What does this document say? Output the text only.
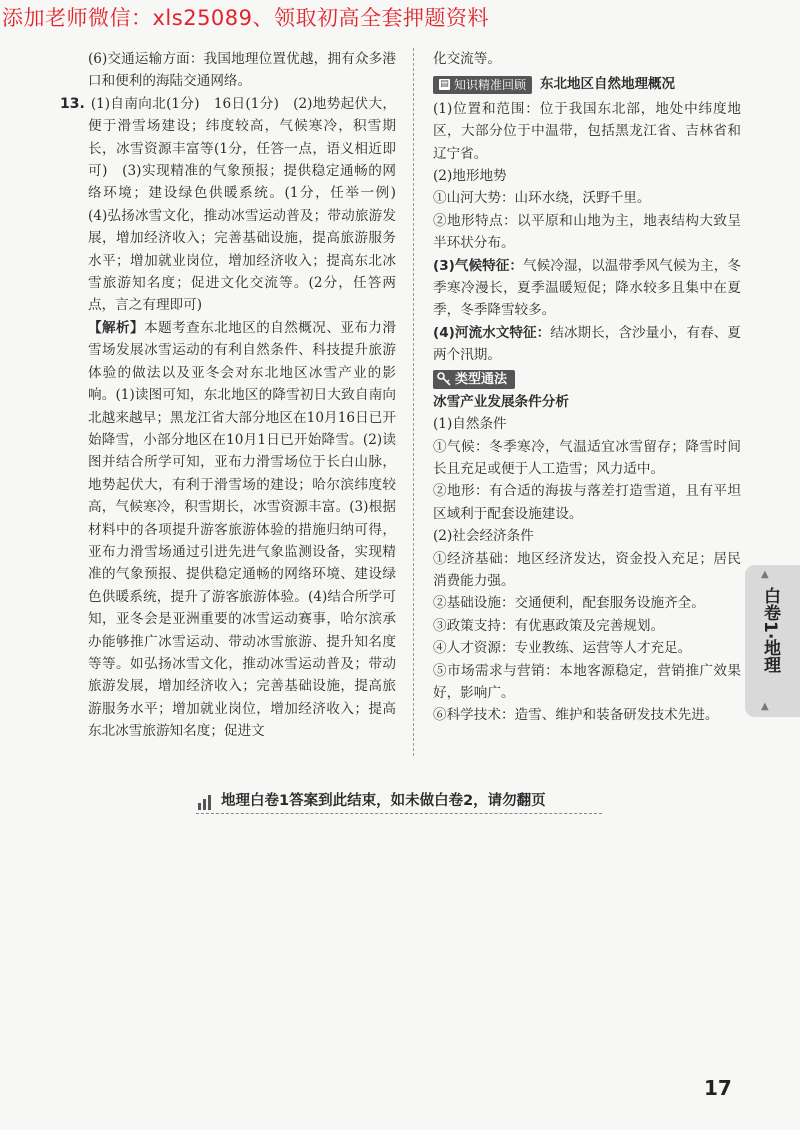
添加老师微信：xls25089、领取初高全套押题资料

(6)交通运输方面：我国地理位置优越，拥有众多港口和便利的海陆交通网络。

13. (1)自南向北(1分)　16日(1分)　(2)地势起伏大，便于滑雪场建设；纬度较高，气候寒冷，积雪期长，冰雪资源丰富等(1分，任答一点，语义相近即可)　(3)实现精准的气象预报；提供稳定通畅的网络环境；建设绿色供暖系统。(1分，任举一例)　(4)弘扬冰雪文化，推动冰雪运动普及；带动旅游发展，增加经济收入；完善基础设施，提高旅游服务水平；增加就业岗位，增加经济收入；提高东北冰雪旅游知名度；促进文化交流等。(2分，任答两点，言之有理即可)

【解析】本题考查东北地区的自然概况、亚布力滑雪场发展冰雪运动的有利自然条件、科技提升旅游体验的做法以及亚冬会对东北地区冰雪产业的影响。(1)读图可知，东北地区的降雪初日大致自南向北越来越早；黑龙江省大部分地区在10月16日已开始降雪，小部分地区在10月1日已开始降雪。(2)读图并结合所学可知，亚布力滑雪场位于长白山脉，地势起伏大，有利于滑雪场的建设；哈尔滨纬度较高，气候寒冷，积雪期长，冰雪资源丰富。(3)根据材料中的各项提升游客旅游体验的措施归纳可得，亚布力滑雪场通过引进先进气象监测设备，实现精准的气象预报、提供稳定通畅的网络环境、建设绿色供暖系统，提升了游客旅游体验。(4)结合所学可知，亚冬会是亚洲重要的冰雪运动赛事，哈尔滨承办能够推广冰雪运动、带动冰雪旅游、提升知名度等等。如弘扬冰雪文化，推动冰雪运动普及；带动旅游发展，增加经济收入；完善基础设施，提高旅游服务水平；增加就业岗位，增加经济收入；提高东北冰雪旅游知名度；促进文

化交流等。

▤ 知识精准回顾 东北地区自然地理概况

(1)位置和范围：位于我国东北部，地处中纬度地区，大部分位于中温带，包括黑龙江省、吉林省和辽宁省。

(2)地形地势

①山河大势：山环水绕，沃野千里。

②地形特点：以平原和山地为主，地表结构大致呈半环状分布。

(3)气候特征：气候冷湿，以温带季风气候为主，冬季寒冷漫长，夏季温暖短促；降水较多且集中在夏季，冬季降雪较多。

(4)河流水文特征：结冰期长，含沙量小，有春、夏两个汛期。

类型通法

冰雪产业发展条件分析

(1)自然条件

①气候：冬季寒冷，气温适宜冰雪留存；降雪时间长且充足或便于人工造雪；风力适中。

②地形：有合适的海拔与落差打造雪道，且有平坦区域利于配套设施建设。

(2)社会经济条件

①经济基础：地区经济发达，资金投入充足；居民消费能力强。

②基础设施：交通便利，配套服务设施齐全。

③政策支持：有优惠政策及完善规划。

④人才资源：专业教练、运营等人才充足。

⑤市场需求与营销：本地客源稳定，营销推广效果好，影响广。

⑥科学技术：造雪、维护和装备研发技术先进。

地理白卷1答案到此结束，如未做白卷2，请勿翻页
▲
白卷1·地理
▲
17
